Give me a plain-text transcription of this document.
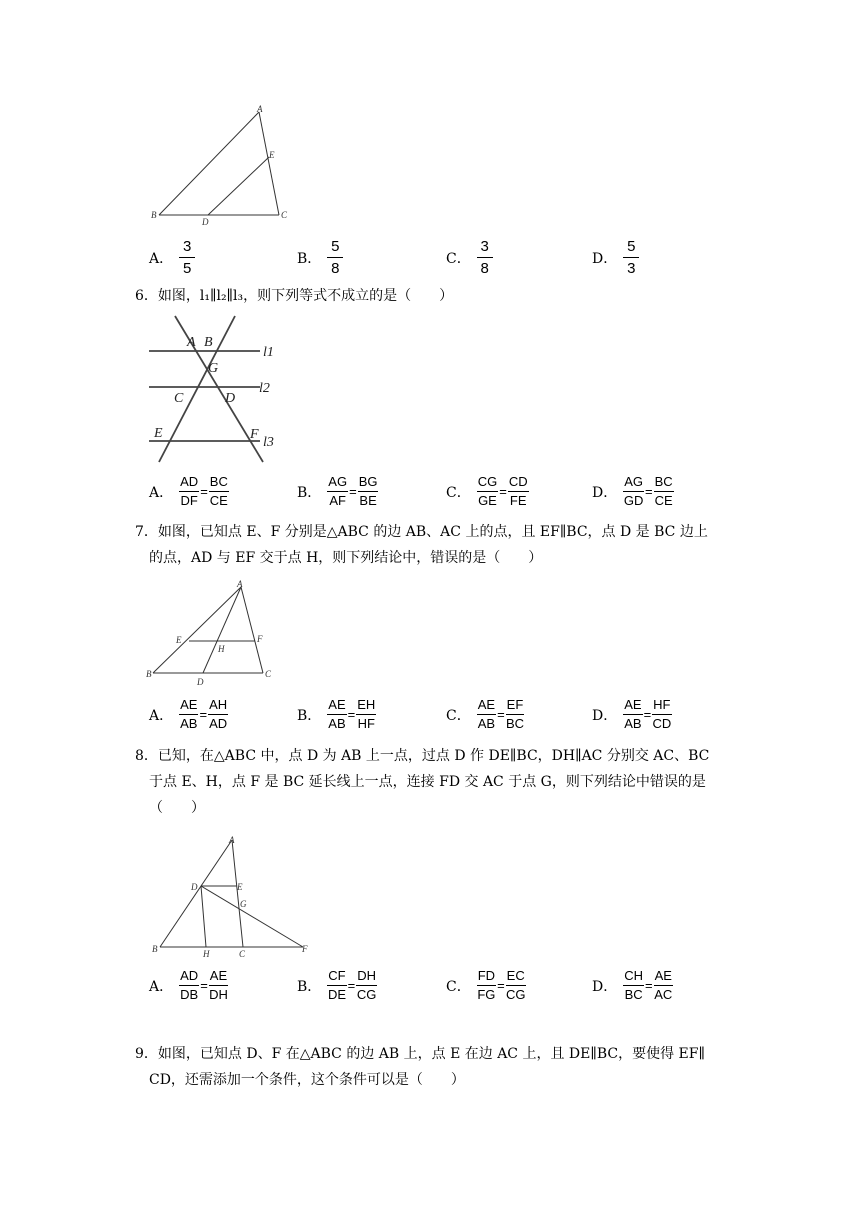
A
E
B
D
C
A． $\frac{3}{5}$	B． $\frac{5}{8}$	C． $\frac{3}{8}$	D． $\frac{5}{3}$
6．如图，l₁∥l₂∥l₃，则下列等式不成立的是（　　）
A B
G
C	D
E	F
l1
l2
l3
A． $\frac{AD}{DF} = \frac{BC}{CE}$	B． $\frac{AG}{AF} = \frac{BG}{BE}$	C． $\frac{CG}{GE} = \frac{CD}{FE}$	D． $\frac{AG}{GD} = \frac{BC}{CE}$
7．如图，已知点 E、F 分别是△ABC 的边 AB、AC 上的点，且 EF∥BC，点 D 是 BC 边上
的点，AD 与 EF 交于点 H，则下列结论中，错误的是（　　）
A
E	F
H
B
D
C
A． $\frac{AE}{AB} = \frac{AH}{AD}$	B． $\frac{AE}{AB} = \frac{EH}{HF}$	C． $\frac{AE}{AB} = \frac{EF}{BC}$	D． $\frac{AE}{AB} = \frac{HF}{CD}$
8．已知，在△ABC 中，点 D 为 AB 上一点，过点 D 作 DE∥BC，DH∥AC 分别交 AC、BC
于点 E、H，点 F 是 BC 延长线上一点，连接 FD 交 AC 于点 G，则下列结论中错误的是
（　　）
A
D	E
G
B	H	C	F
A． $\frac{AD}{DB} = \frac{AE}{DH}$	B． $\frac{CF}{DE} = \frac{DH}{CG}$	C． $\frac{FD}{FG} = \frac{EC}{CG}$	D． $\frac{CH}{BC} = \frac{AE}{AC}$
9．如图，已知点 D、F 在△ABC 的边 AB 上，点 E 在边 AC 上，且 DE∥BC，要使得 EF∥
CD，还需添加一个条件，这个条件可以是（　　）
